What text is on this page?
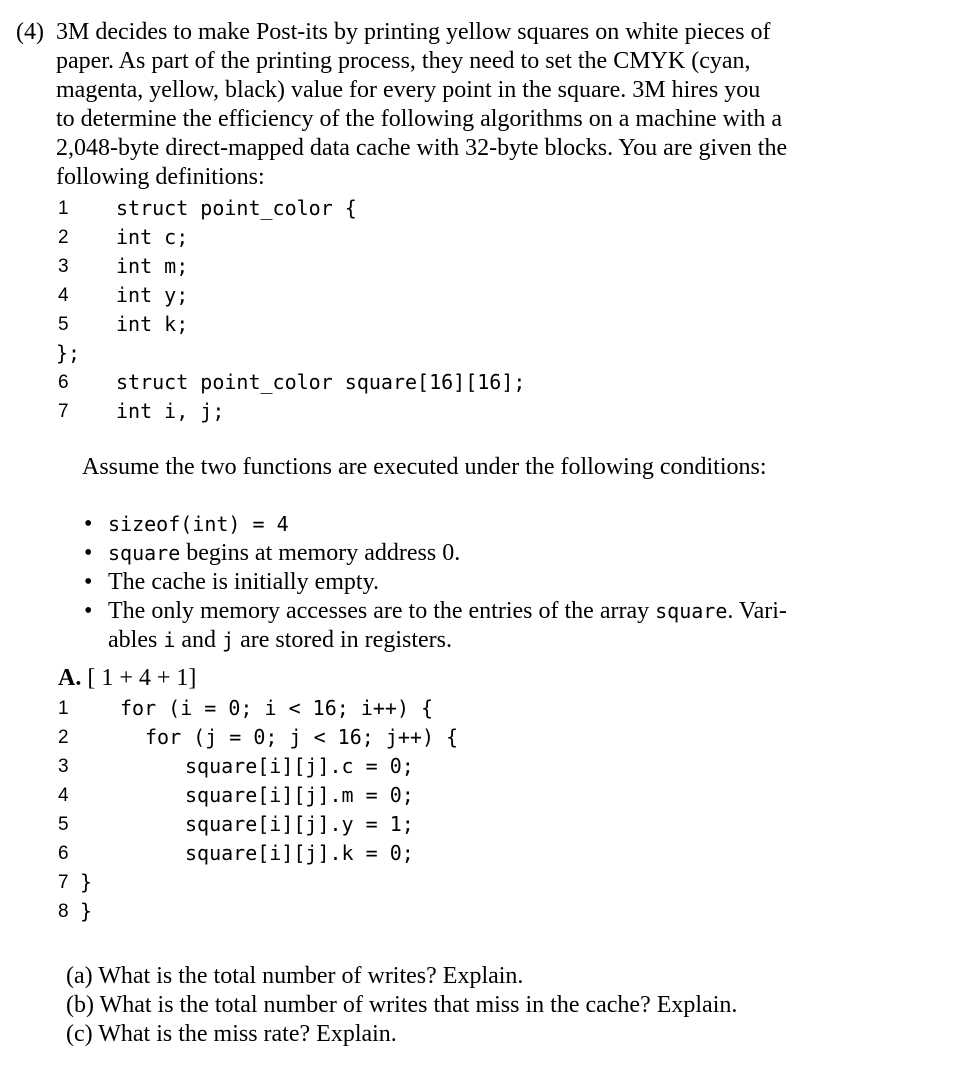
(4) 3M decides to make Post-its by printing yellow squares on white pieces of
paper. As part of the printing process, they need to set the CMYK (cyan,
magenta, yellow, black) value for every point in the square. 3M hires you
to determine the efficiency of the following algorithms on a machine with a
2,048-byte direct-mapped data cache with 32-byte blocks. You are given the
following definitions:
1 struct point_color {
2 int c;
3 int m;
4 int y;
5 int k;
};
6 struct point_color square[16][16];
7 int i, j;
Assume the two functions are executed under the following conditions:
• sizeof(int) = 4
• square begins at memory address 0.
• The cache is initially empty.
• The only memory accesses are to the entries of the array square. Vari-
ables i and j are stored in registers.
A. [ 1 + 4 + 1]
1	for (i = 0; i < 16; i++) {
2	for (j = 0; j < 16; j++) {
3	square[i][j].c = 0;
4	square[i][j].m = 0;
5	square[i][j].y = 1;
6	square[i][j].k = 0;
7 }
8 }
(a) What is the total number of writes? Explain.
(b) What is the total number of writes that miss in the cache? Explain.
(c) What is the miss rate? Explain.
